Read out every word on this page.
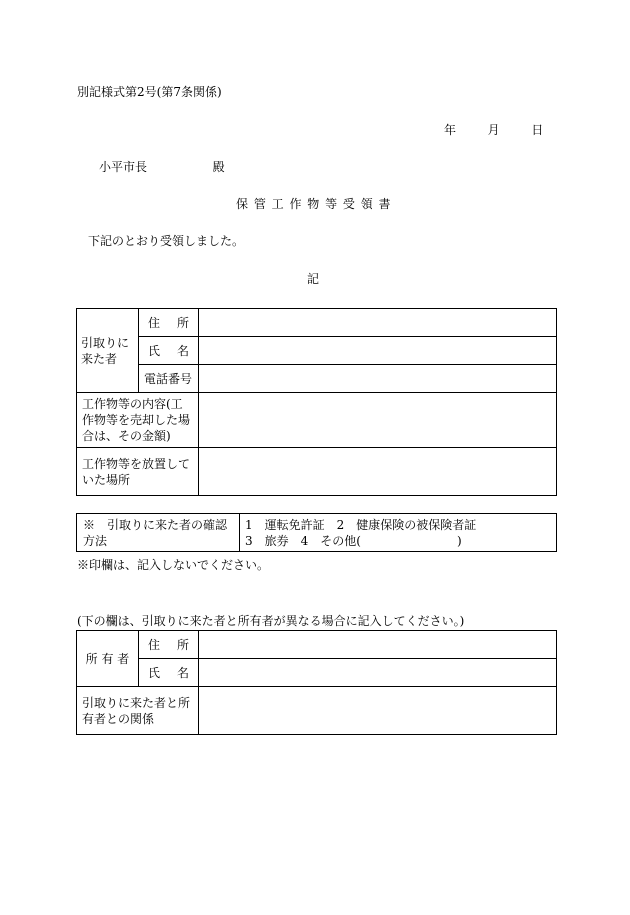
別記様式第2号(第7条関係)
年	月	日
小平市長	殿
保 管 工 作 物 等 受 領 書
下記のとおり受領しました。
記
引取りに来た者	住 所	

	氏 名	

	電話番号	
工作物等の内容(工作物等を売却した場合は、その金額)		
工作物等を放置していた場所		
※　引取りに来た者の確認方法	
1　運転免許証　2　健康保険の被保険者証
3　旅券　4　その他(　　　　　　　　)
※印欄は、記入しないでください。
(下の欄は、引取りに来た者と所有者が異なる場合に記入してください。)
所 有 者	住 所	

	氏 名	

引取りに来た者と所有者との関係		
